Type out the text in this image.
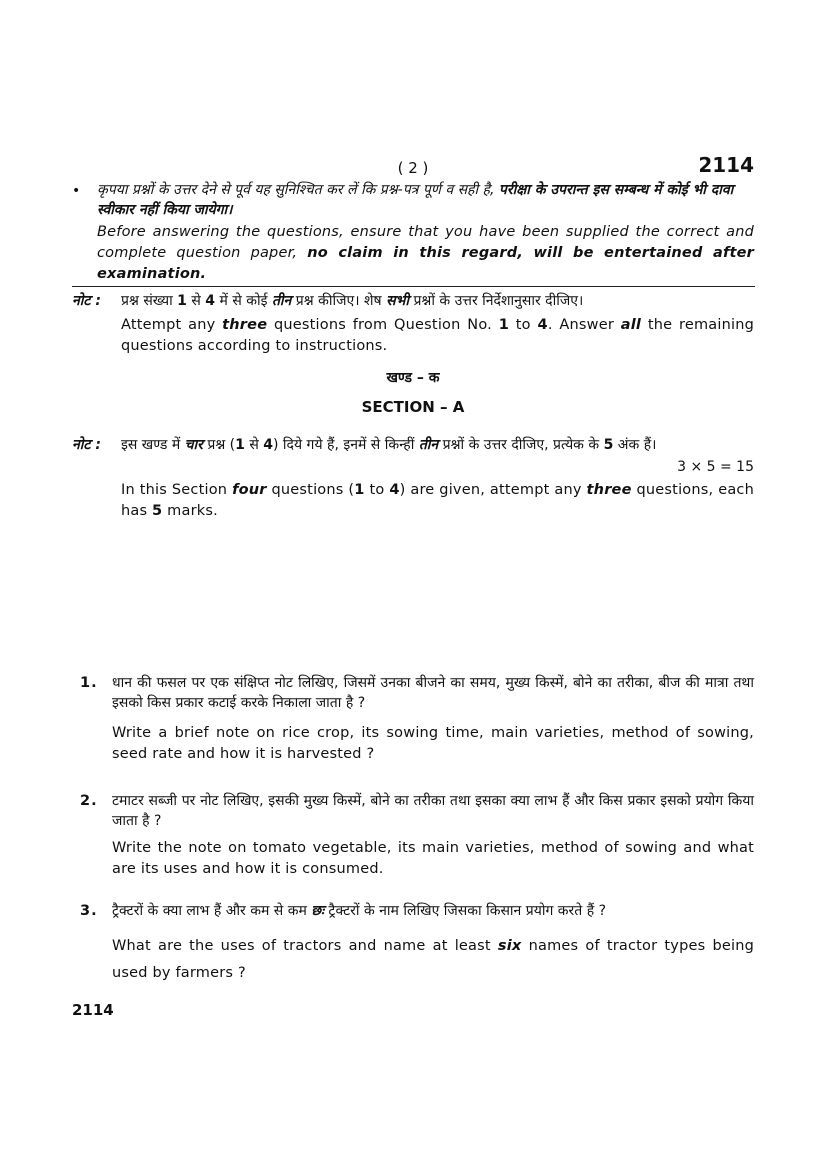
( 2 )	2114
• कृपया प्रश्नों के उत्तर देने से पूर्व यह सुनिश्चित कर लें कि प्रश्न-पत्र पूर्ण व सही है, परीक्षा के उपरान्त इस सम्बन्ध में कोई भी दावा स्वीकार नहीं किया जायेगा।
Before answering the questions, ensure that you have been supplied the correct and complete question paper, no claim in this regard, will be entertained after examination.
नोट : प्रश्न संख्या 1 से 4 में से कोई तीन प्रश्न कीजिए। शेष सभी प्रश्नों के उत्तर निर्देशानुसार दीजिए।
Attempt any three questions from Question No. 1 to 4. Answer all the remaining questions according to instructions.
खण्ड – क
SECTION – A
नोट : इस खण्ड में चार प्रश्न (1 से 4) दिये गये हैं, इनमें से किन्हीं तीन प्रश्नों के उत्तर दीजिए, प्रत्येक के 5 अंक हैं।
3 × 5 = 15
In this Section four questions (1 to 4) are given, attempt any three questions, each has 5 marks.
1. धान की फसल पर एक संक्षिप्त नोट लिखिए, जिसमें उनका बीजने का समय, मुख्य किस्में, बोने का तरीका, बीज की मात्रा तथा इसको किस प्रकार कटाई करके निकाला जाता है ?
Write a brief note on rice crop, its sowing time, main varieties, method of sowing, seed rate and how it is harvested ?
2. टमाटर सब्जी पर नोट लिखिए, इसकी मुख्य किस्में, बोने का तरीका तथा इसका क्या लाभ हैं और किस प्रकार इसको प्रयोग किया जाता है ?
Write the note on tomato vegetable, its main varieties, method of sowing and what are its uses and how it is consumed.
3. ट्रैक्टरों के क्या लाभ हैं और कम से कम छः ट्रैक्टरों के नाम लिखिए जिसका किसान प्रयोग करते हैं ?
What are the uses of tractors and name at least six names of tractor types being used by farmers ?
2114
